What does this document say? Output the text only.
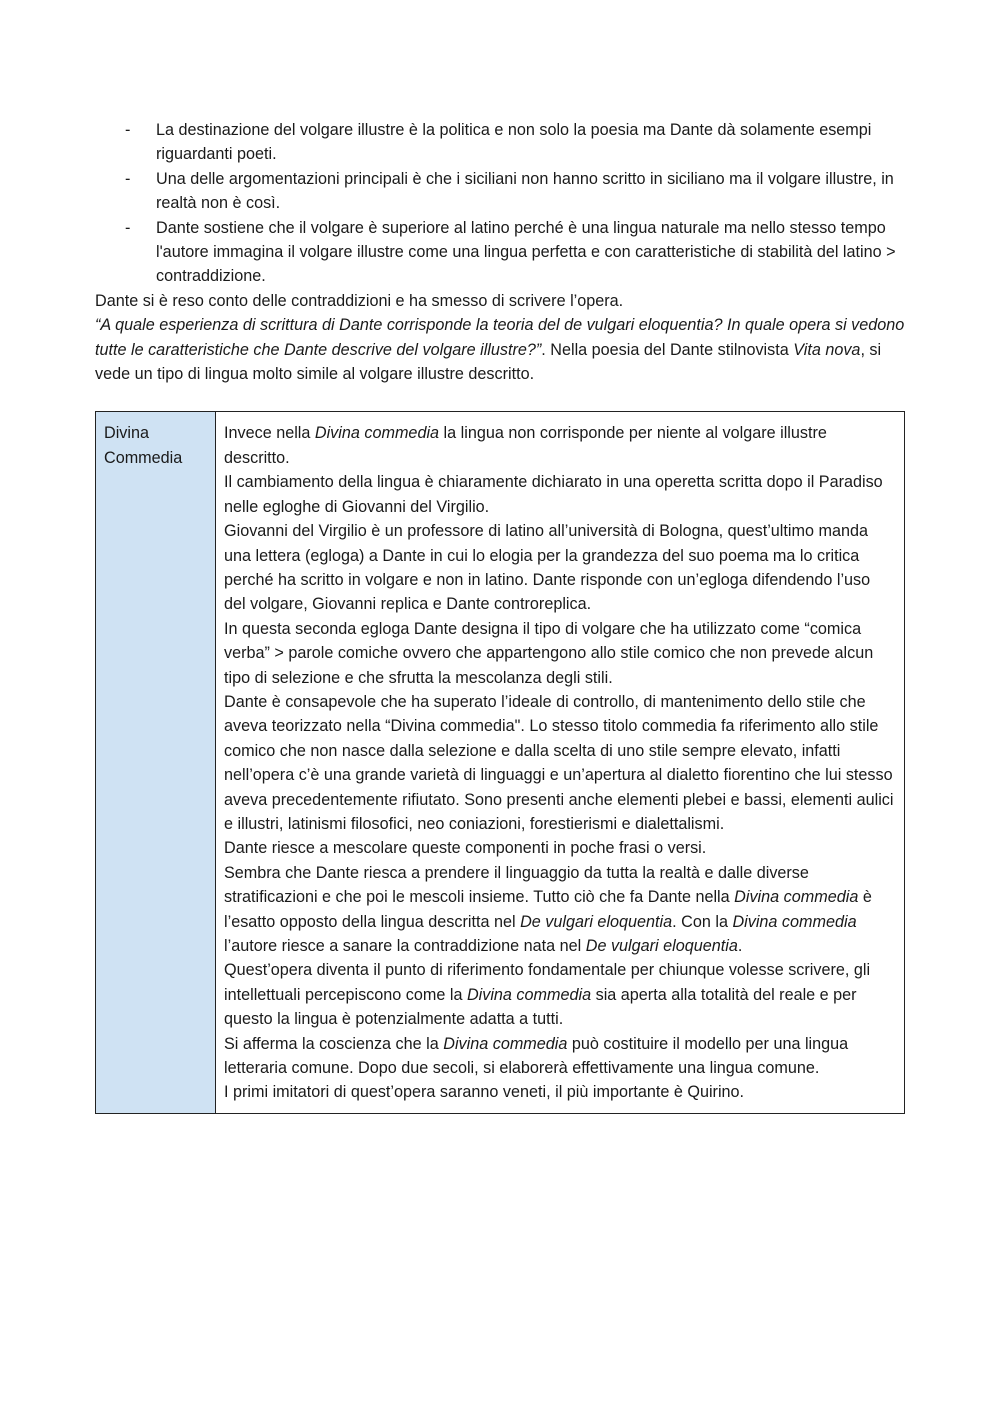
- La destinazione del volgare illustre è la politica e non solo la poesia ma Dante dà solamente esempi riguardanti poeti.
- Una delle argomentazioni principali è che i siciliani non hanno scritto in siciliano ma il volgare illustre, in realtà non è così.
- Dante sostiene che il volgare è superiore al latino perché è una lingua naturale ma nello stesso tempo l'autore immagina il volgare illustre come una lingua perfetta e con caratteristiche di stabilità del latino > contraddizione.

Dante si è reso conto delle contraddizioni e ha smesso di scrivere l’opera.

“A quale esperienza di scrittura di Dante corrisponde la teoria del de vulgari eloquentia? In quale opera si vedono tutte le caratteristiche che Dante descrive del volgare illustre?”. Nella poesia del Dante stilnovista Vita nova, si vede un tipo di lingua molto simile al volgare illustre descritto.

Divina Commedia

Invece nella Divina commedia la lingua non corrisponde per niente al volgare illustre descritto.

Il cambiamento della lingua è chiaramente dichiarato in una operetta scritta dopo il Paradiso nelle egloghe di Giovanni del Virgilio.

Giovanni del Virgilio è un professore di latino all’università di Bologna, quest’ultimo manda una lettera (egloga) a Dante in cui lo elogia per la grandezza del suo poema ma lo critica perché ha scritto in volgare e non in latino. Dante risponde con un’egloga difendendo l’uso del volgare, Giovanni replica e Dante controreplica.

In questa seconda egloga Dante designa il tipo di volgare che ha utilizzato come “comica verba” > parole comiche ovvero che appartengono allo stile comico che non prevede alcun tipo di selezione e che sfrutta la mescolanza degli stili.

Dante è consapevole che ha superato l’ideale di controllo, di mantenimento dello stile che aveva teorizzato nella “Divina commedia". Lo stesso titolo commedia fa riferimento allo stile comico che non nasce dalla selezione e dalla scelta di uno stile sempre elevato, infatti nell’opera c’è una grande varietà di linguaggi e un’apertura al dialetto fiorentino che lui stesso aveva precedentemente rifiutato. Sono presenti anche elementi plebei e bassi, elementi aulici e illustri, latinismi filosofici, neo coniazioni, forestierismi e dialettalismi.

Dante riesce a mescolare queste componenti in poche frasi o versi.

Sembra che Dante riesca a prendere il linguaggio da tutta la realtà e dalle diverse stratificazioni e che poi le mescoli insieme. Tutto ciò che fa Dante nella Divina commedia è l’esatto opposto della lingua descritta nel De vulgari eloquentia. Con la Divina commedia l’autore riesce a sanare la contraddizione nata nel De vulgari eloquentia.

Quest’opera diventa il punto di riferimento fondamentale per chiunque volesse scrivere, gli intellettuali percepiscono come la Divina commedia sia aperta alla totalità del reale e per questo la lingua è potenzialmente adatta a tutti.

Si afferma la coscienza che la Divina commedia può costituire il modello per una lingua letteraria comune. Dopo due secoli, si elaborerà effettivamente una lingua comune.

I primi imitatori di quest’opera saranno veneti, il più importante è Quirino.
